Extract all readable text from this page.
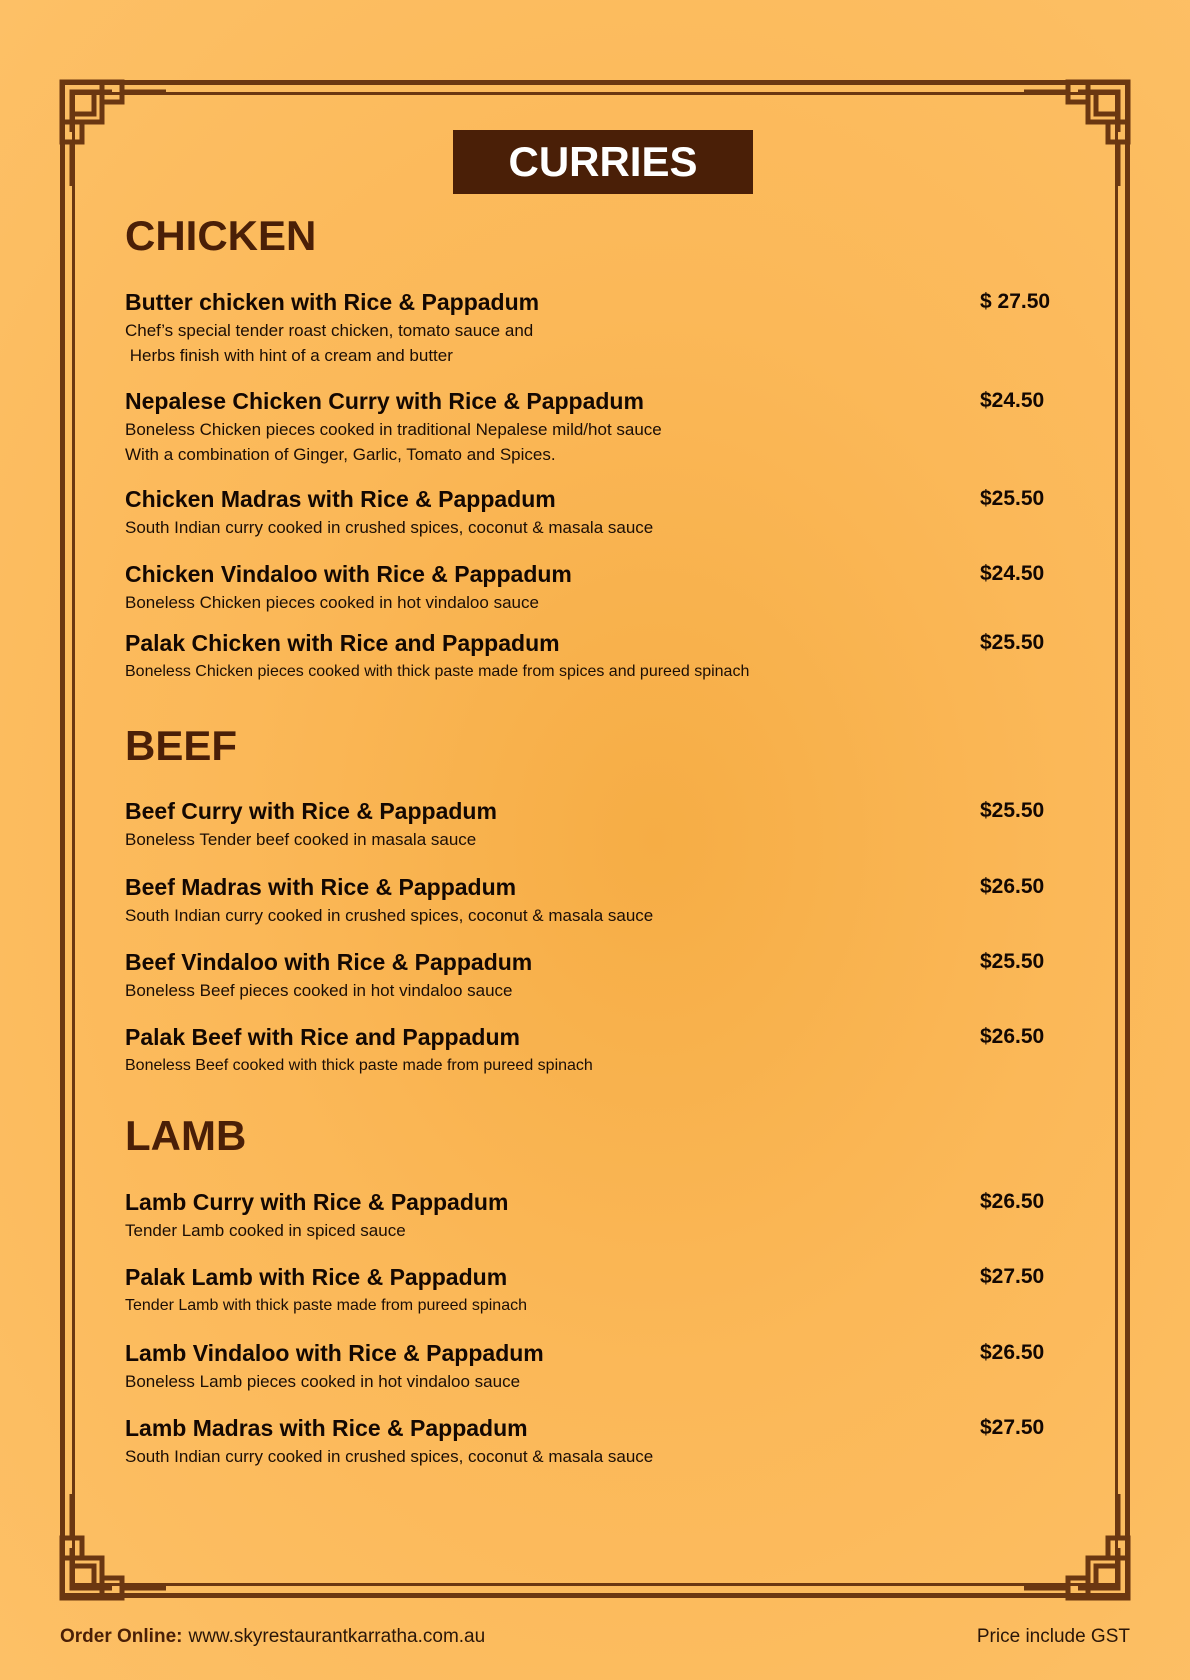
CURRIES
CHICKEN
Butter chicken with Rice & Pappadum	$ 27.50
Chef’s special tender roast chicken, tomato sauce and
Herbs finish with hint of a cream and butter
Nepalese Chicken Curry with Rice & Pappadum	$24.50
Boneless Chicken pieces cooked in traditional Nepalese mild/hot sauce
With a combination of Ginger, Garlic, Tomato and Spices.
Chicken Madras with Rice & Pappadum	$25.50
South Indian curry cooked in crushed spices, coconut & masala sauce
Chicken Vindaloo with Rice & Pappadum	$24.50
Boneless Chicken pieces cooked in hot vindaloo sauce
Palak Chicken with Rice and Pappadum	$25.50
Boneless Chicken pieces cooked with thick paste made from spices and pureed spinach
BEEF
Beef Curry with Rice & Pappadum	$25.50
Boneless Tender beef cooked in masala sauce
Beef Madras with Rice & Pappadum	$26.50
South Indian curry cooked in crushed spices, coconut & masala sauce
Beef Vindaloo with Rice & Pappadum	$25.50
Boneless Beef pieces cooked in hot vindaloo sauce
Palak Beef with Rice and Pappadum	$26.50
Boneless Beef cooked with thick paste made from pureed spinach
LAMB
Lamb Curry with Rice & Pappadum	$26.50
Tender Lamb cooked in spiced sauce
Palak Lamb with Rice & Pappadum	$27.50
Tender Lamb with thick paste made from pureed spinach
Lamb Vindaloo with Rice & Pappadum	$26.50
Boneless Lamb pieces cooked in hot vindaloo sauce
Lamb Madras with Rice & Pappadum	$27.50
South Indian curry cooked in crushed spices, coconut & masala sauce
Order Online: www.skyrestaurantkarratha.com.au	Price include GST
